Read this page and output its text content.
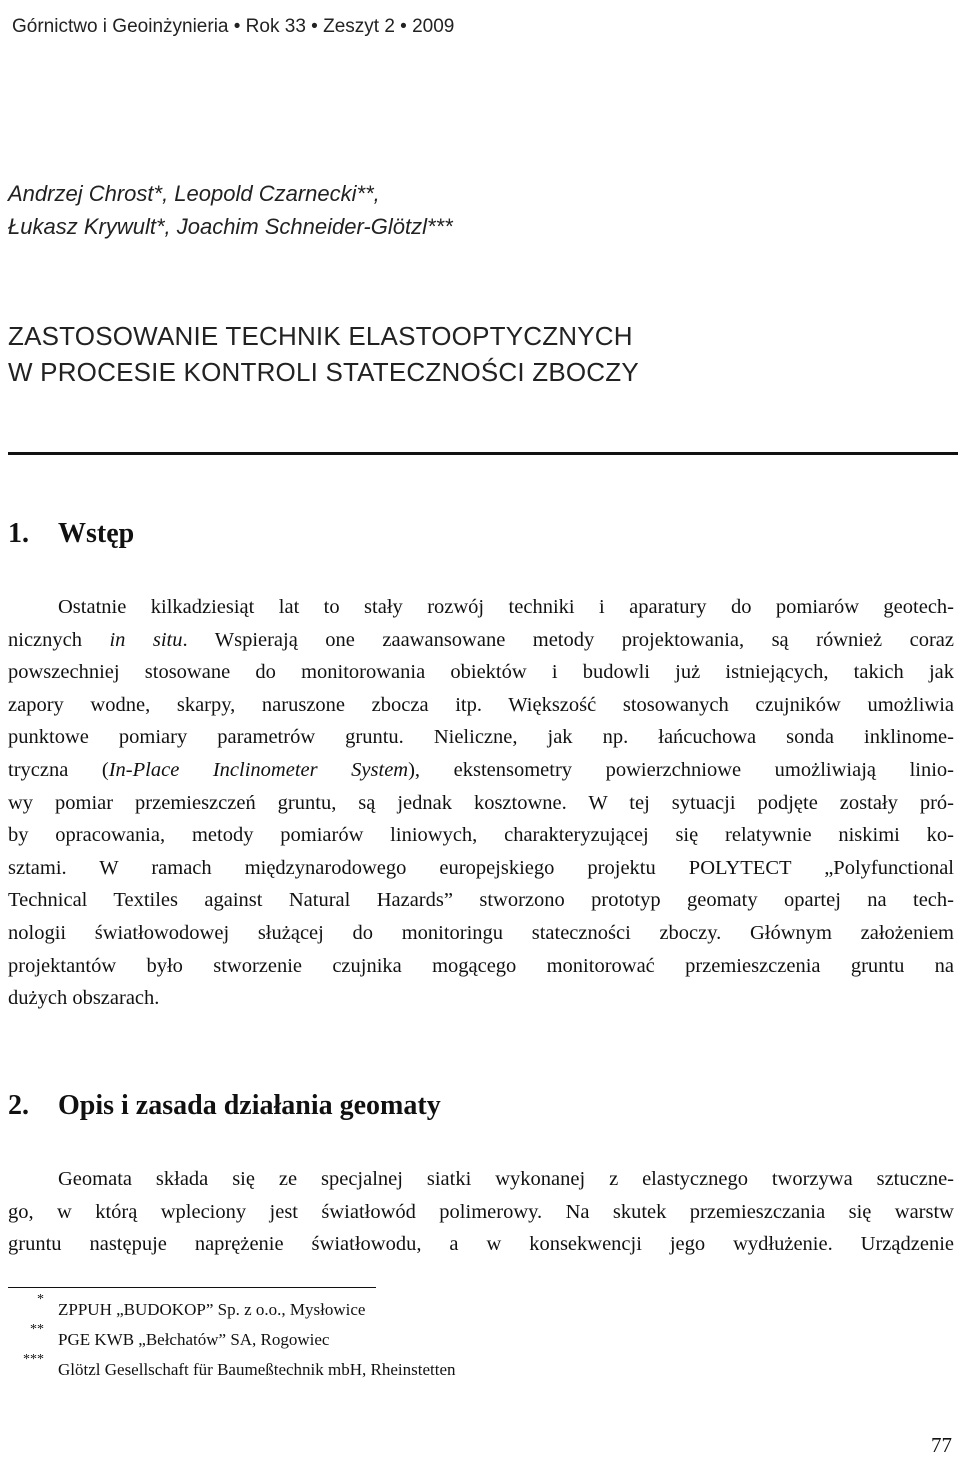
Górnictwo i Geoinżynieria • Rok 33 • Zeszyt 2 • 2009
Andrzej Chrost*, Leopold Czarnecki**,
Łukasz Krywult*, Joachim Schneider-Glötzl***
ZASTOSOWANIE TECHNIK ELASTOOPTYCZNYCH
W PROCESIE KONTROLI STATECZNOŚCI ZBOCZY
1. Wstęp
Ostatnie kilkadziesiąt lat to stały rozwój techniki i aparatury do pomiarów geotech-
nicznych in situ. Wspierają one zaawansowane metody projektowania, są również coraz
powszechniej stosowane do monitorowania obiektów i budowli już istniejących, takich jak
zapory wodne, skarpy, naruszone zbocza itp. Większość stosowanych czujników umożliwia
punktowe pomiary parametrów gruntu. Nieliczne, jak np. łańcuchowa sonda inklinome-
tryczna (In-Place Inclinometer System), ekstensometry powierzchniowe umożliwiają linio-
wy pomiar przemieszczeń gruntu, są jednak kosztowne. W tej sytuacji podjęte zostały pró-
by opracowania, metody pomiarów liniowych, charakteryzującej się relatywnie niskimi ko-
sztami. W ramach międzynarodowego europejskiego projektu POLYTECT „Polyfunctional
Technical Textiles against Natural Hazards” stworzono prototyp geomaty opartej na tech-
nologii światłowodowej służącej do monitoringu stateczności zboczy. Głównym założeniem
projektantów było stworzenie czujnika mogącego monitorować przemieszczenia gruntu na
dużych obszarach.
2. Opis i zasada działania geomaty
Geomata składa się ze specjalnej siatki wykonanej z elastycznego tworzywa sztuczne-
go, w którą wpleciony jest światłowód polimerowy. Na skutek przemieszczania się warstw
gruntu następuje naprężenie światłowodu, a w konsekwencji jego wydłużenie. Urządzenie
*
ZPPUH „BUDOKOP” Sp. z o.o., Mysłowice
**
PGE KWB „Bełchatów” SA, Rogowiec
***
Glötzl Gesellschaft für Baumeßtechnik mbH, Rheinstetten
77
